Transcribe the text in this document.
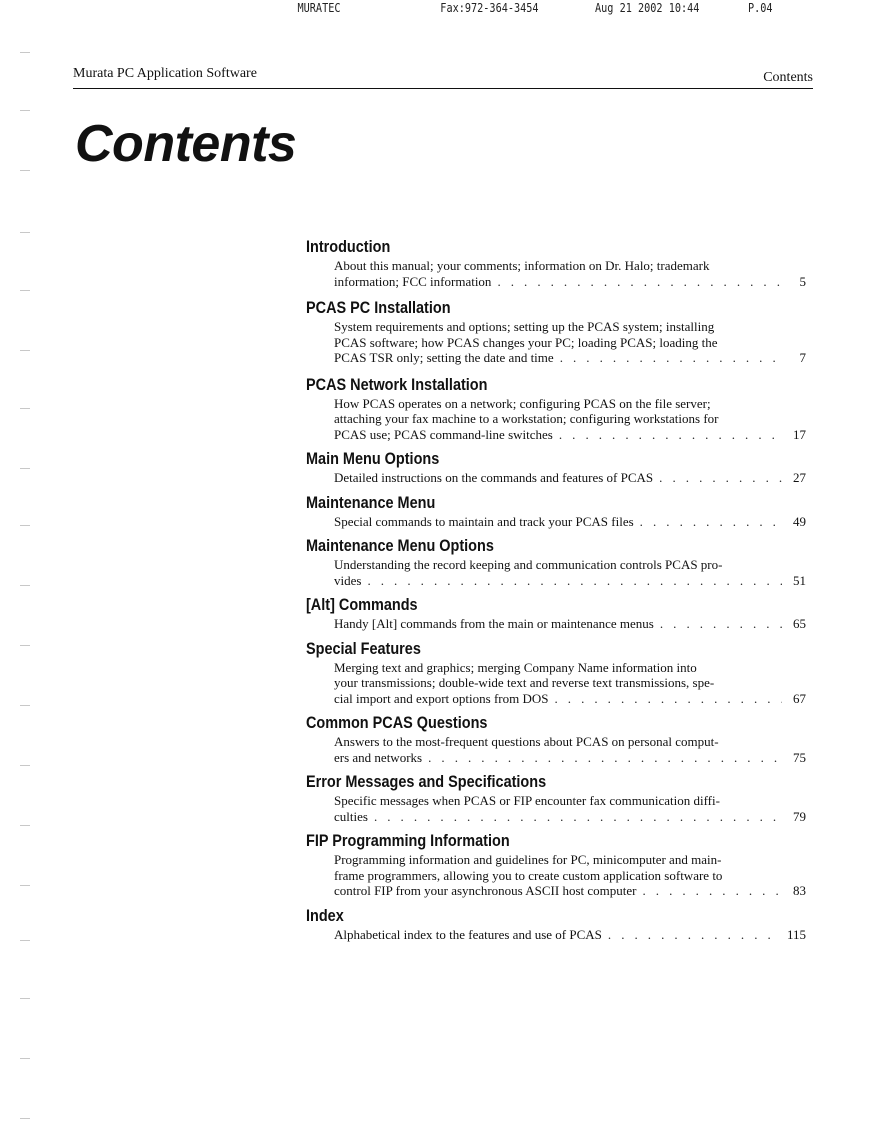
MURATEC	Fax:972-364-3454	Aug 21 2002 10:44	P.04
Murata PC Application Software	Contents
Contents
Introduction
About this manual; your comments; information on Dr. Halo; trademark
information; FCC information . . .	5
PCAS PC Installation
System requirements and options; setting up the PCAS system; installing
PCAS software; how PCAS changes your PC; loading PCAS; loading the
PCAS TSR only; setting the date and time . . .	7
PCAS Network Installation
How PCAS operates on a network; configuring PCAS on the file server;
attaching your fax machine to a workstation; configuring workstations for
PCAS use; PCAS command-line switches . . .	17
Main Menu Options
Detailed instructions on the commands and features of PCAS . . .	27
Maintenance Menu
Special commands to maintain and track your PCAS files . . .	49
Maintenance Menu Options
Understanding the record keeping and communication controls PCAS pro-
vides . . .	51
[Alt] Commands
Handy [Alt] commands from the main or maintenance menus . . .	65
Special Features
Merging text and graphics; merging Company Name information into
your transmissions; double-wide text and reverse text transmissions, spe-
cial import and export options from DOS . . .	67
Common PCAS Questions
Answers to the most-frequent questions about PCAS on personal comput-
ers and networks . . .	75
Error Messages and Specifications
Specific messages when PCAS or FIP encounter fax communication diffi-
culties . . .	79
FIP Programming Information
Programming information and guidelines for PC, minicomputer and main-
frame programmers, allowing you to create custom application software to
control FIP from your asynchronous ASCII host computer . . .	83
Index
Alphabetical index to the features and use of PCAS . . .	115
